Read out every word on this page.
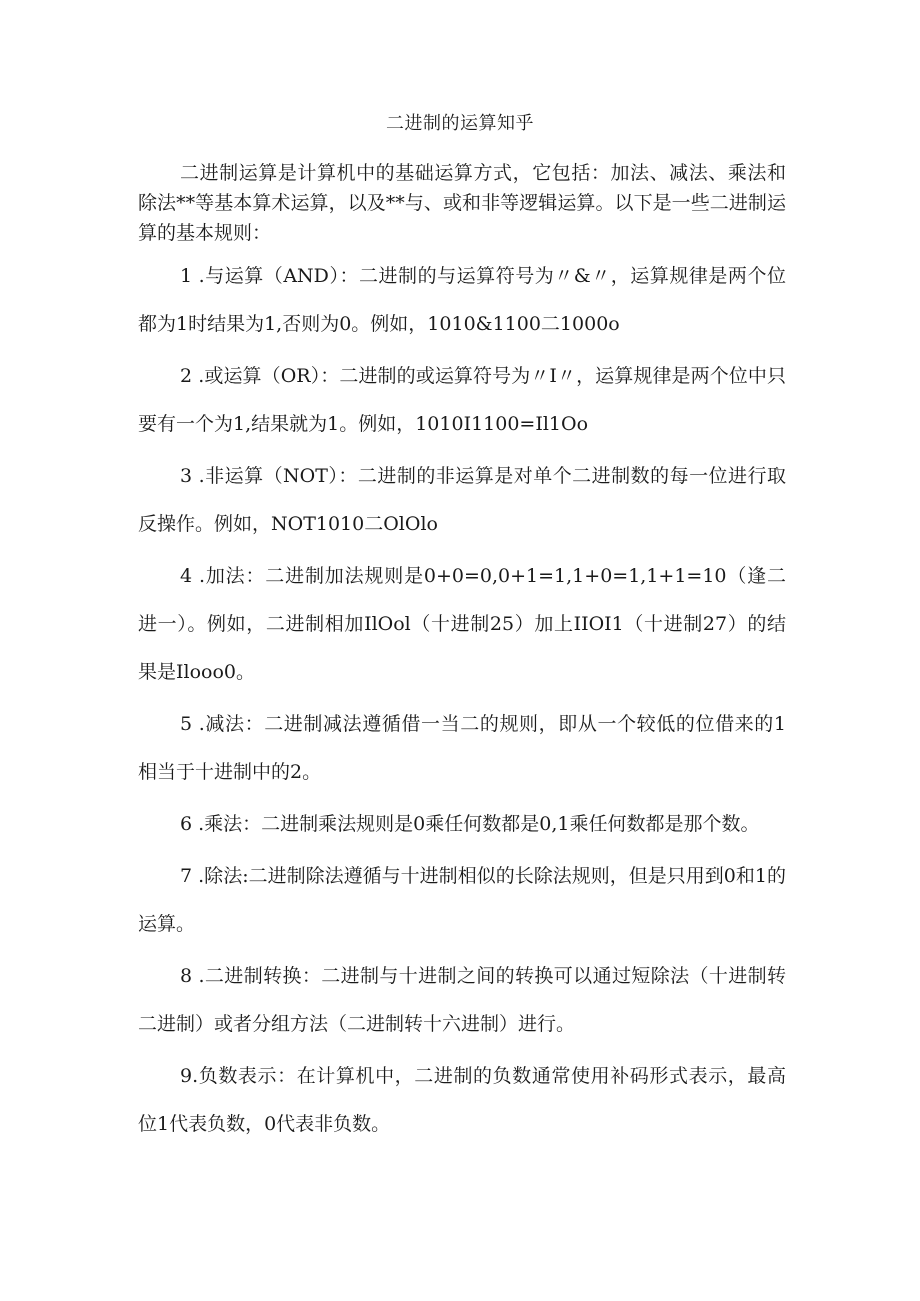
二进制的运算知乎

二进制运算是计算机中的基础运算方式，它包括：加法、减法、乘法和除法**等基本算术运算，以及**与、或和非等逻辑运算。以下是一些二进制运算的基本规则：

1 .与运算（AND）：二进制的与运算符号为〃&〃，运算规律是两个位都为1时结果为1,否则为0。例如，1010&1100二1000o

2 .或运算（OR）：二进制的或运算符号为〃I〃，运算规律是两个位中只要有一个为1,结果就为1。例如，1010I1100=Il1Oo

3 .非运算（NOT）：二进制的非运算是对单个二进制数的每一位进行取反操作。例如，NOT1010二OlOlo

4 .加法：二进制加法规则是0+0=0,0+1=1,1+0=1,1+1=10（逢二进一）。例如，二进制相加IlOol（十进制25）加上IIOI1（十进制27）的结果是Ilooo0。

5 .减法：二进制减法遵循借一当二的规则，即从一个较低的位借来的1相当于十进制中的2。

6 .乘法：二进制乘法规则是0乘任何数都是0,1乘任何数都是那个数。

7 .除法:二进制除法遵循与十进制相似的长除法规则，但是只用到0和1的运算。

8 .二进制转换：二进制与十进制之间的转换可以通过短除法（十进制转二进制）或者分组方法（二进制转十六进制）进行。

9.负数表示：在计算机中，二进制的负数通常使用补码形式表示，最高位1代表负数，0代表非负数。
